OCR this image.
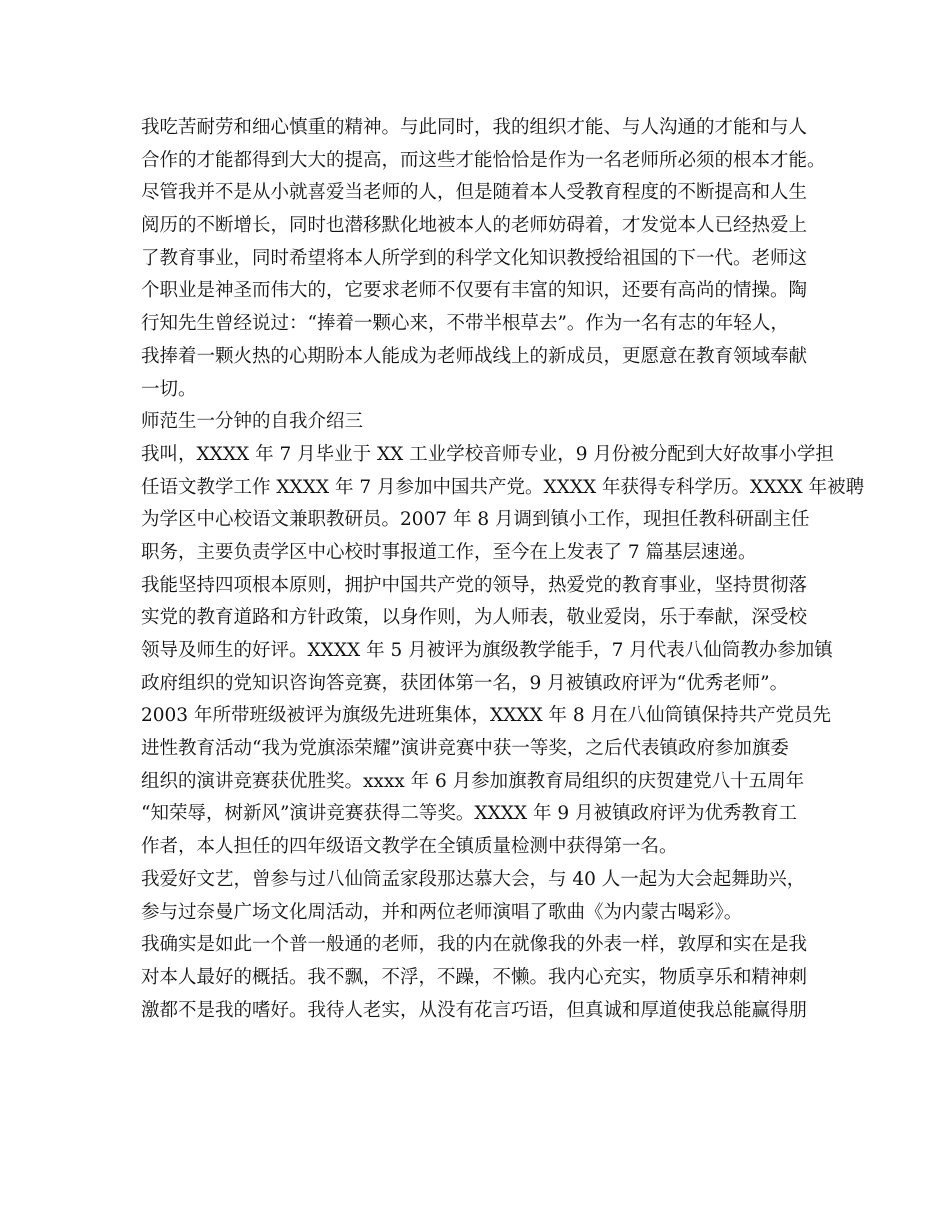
我吃苦耐劳和细心慎重的精神。与此同时，我的组织才能、与人沟通的才能和与人
合作的才能都得到大大的提高，而这些才能恰恰是作为一名老师所必须的根本才能。
尽管我并不是从小就喜爱当老师的人，但是随着本人受教育程度的不断提高和人生
阅历的不断增长，同时也潜移默化地被本人的老师妨碍着，才发觉本人已经热爱上
了教育事业，同时希望将本人所学到的科学文化知识教授给祖国的下一代。老师这
个职业是神圣而伟大的，它要求老师不仅要有丰富的知识，还要有高尚的情操。陶
行知先生曾经说过：“捧着一颗心来，不带半根草去”。作为一名有志的年轻人，
我捧着一颗火热的心期盼本人能成为老师战线上的新成员，更愿意在教育领域奉献
一切。
师范生一分钟的自我介绍三
我叫，XXXX 年 7 月毕业于 XX 工业学校音师专业，9 月份被分配到大好故事小学担
任语文教学工作 XXXX 年 7 月参加中国共产党。XXXX 年获得专科学历。XXXX 年被聘
为学区中心校语文兼职教研员。2007 年 8 月调到镇小工作，现担任教科研副主任
职务，主要负责学区中心校时事报道工作，至今在上发表了 7 篇基层速递。
我能坚持四项根本原则，拥护中国共产党的领导，热爱党的教育事业，坚持贯彻落
实党的教育道路和方针政策，以身作则，为人师表，敬业爱岗，乐于奉献，深受校
领导及师生的好评。XXXX 年 5 月被评为旗级教学能手，7 月代表八仙筒教办参加镇
政府组织的党知识咨询答竞赛，获团体第一名，9 月被镇政府评为“优秀老师”。
2003 年所带班级被评为旗级先进班集体，XXXX 年 8 月在八仙筒镇保持共产党员先
进性教育活动“我为党旗添荣耀”演讲竞赛中获一等奖，之后代表镇政府参加旗委
组织的演讲竞赛获优胜奖。xxxx 年 6 月参加旗教育局组织的庆贺建党八十五周年
“知荣辱，树新风”演讲竞赛获得二等奖。XXXX 年 9 月被镇政府评为优秀教育工
作者，本人担任的四年级语文教学在全镇质量检测中获得第一名。
我爱好文艺，曾参与过八仙筒孟家段那达慕大会，与 40 人一起为大会起舞助兴，
参与过奈曼广场文化周活动，并和两位老师演唱了歌曲《为内蒙古喝彩》。
我确实是如此一个普一般通的老师，我的内在就像我的外表一样，敦厚和实在是我
对本人最好的概括。我不飘，不浮，不躁，不懒。我内心充实，物质享乐和精神刺
激都不是我的嗜好。我待人老实，从没有花言巧语，但真诚和厚道使我总能赢得朋
